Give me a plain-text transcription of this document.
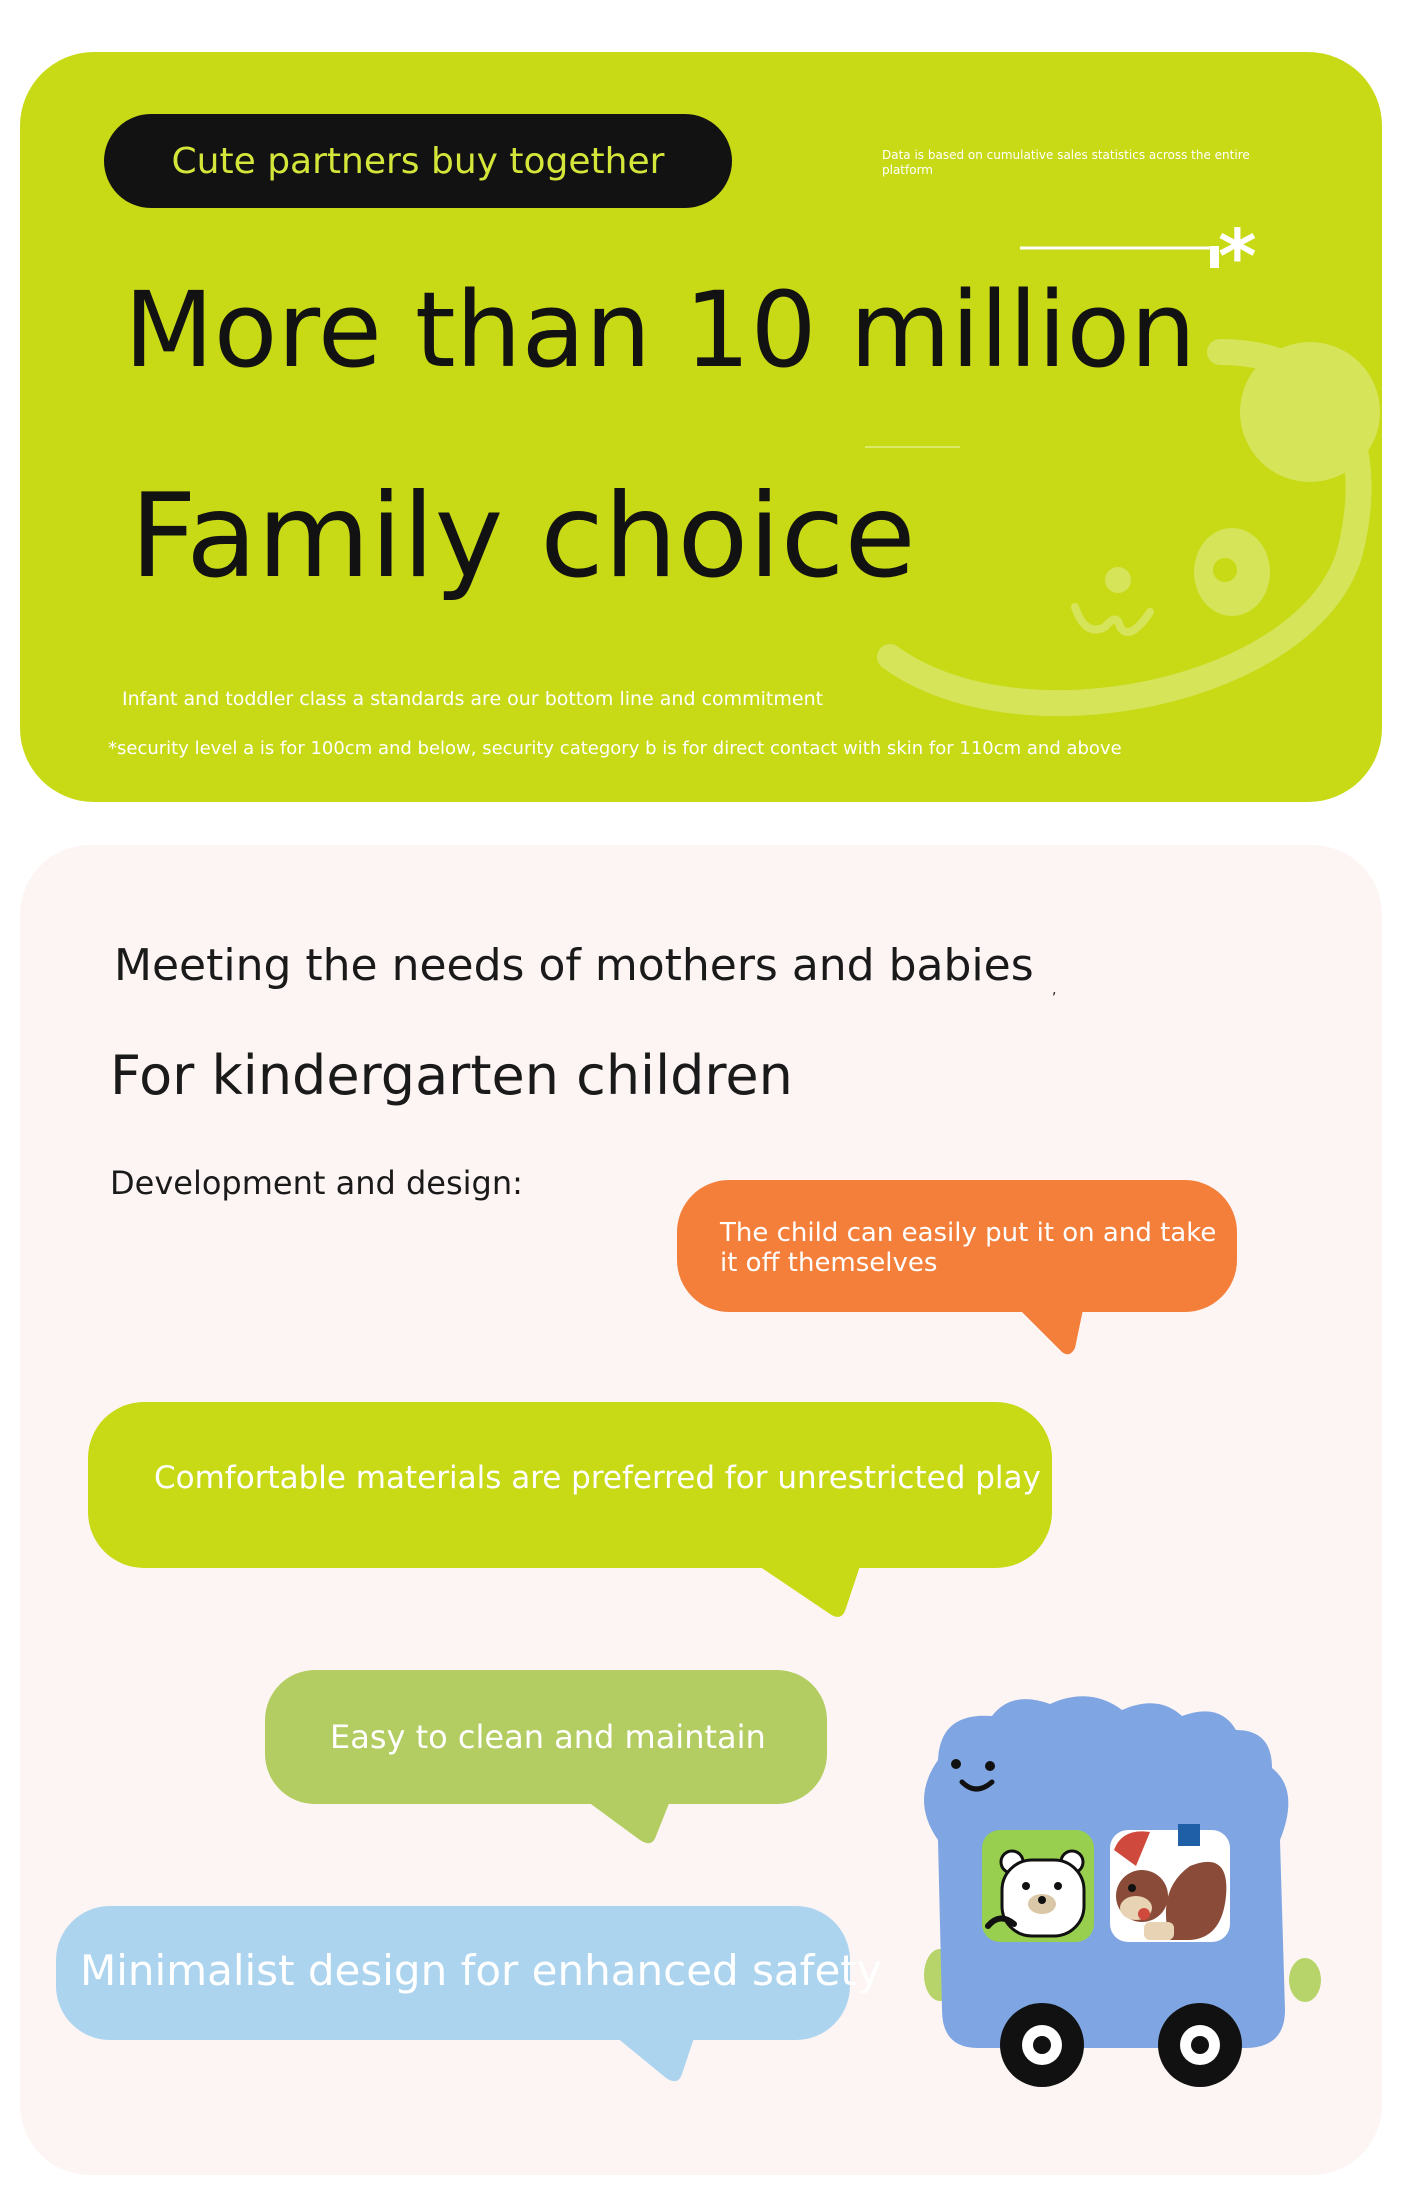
Cute partners buy together	Data is based on cumulative sales statistics across the entire platform
*
More than 10 million
Family choice
Infant and toddler class a standards are our bottom line and commitment
*security level a is for 100cm and below, security category b is for direct contact with skin for 110cm and above
Meeting the needs of mothers and babies ,
For kindergarten children
Development and design:
The child can easily put it on and take it off themselves
Comfortable materials are preferred for unrestricted play
Easy to clean and maintain
Minimalist design for enhanced safety
